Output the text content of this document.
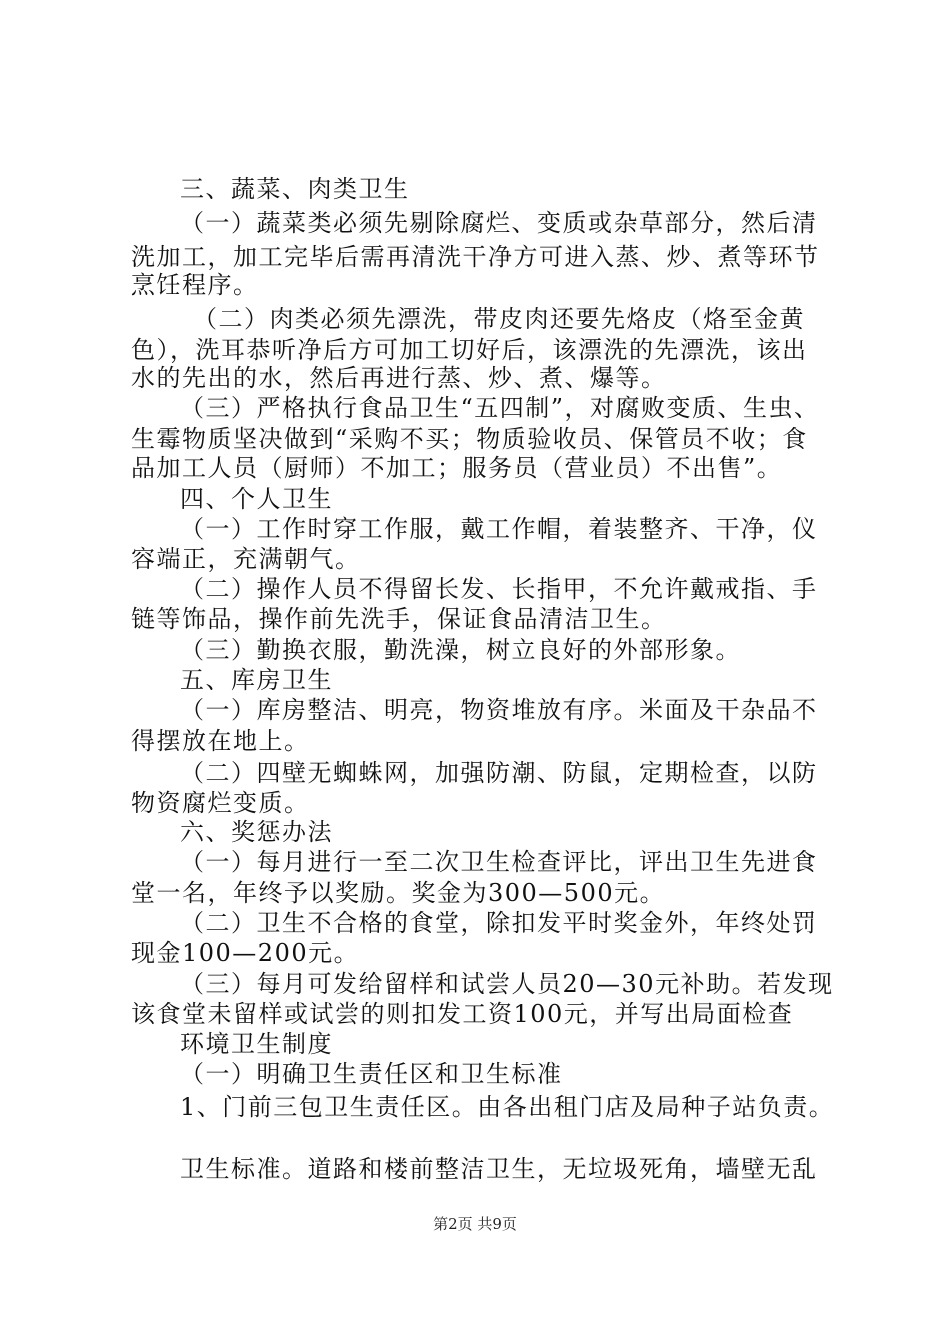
三、蔬菜、肉类卫生
（一）蔬菜类必须先剔除腐烂、变质或杂草部分，然后清
洗加工，加工完毕后需再清洗干净方可进入蒸、炒、煮等环节
烹饪程序。
（二）肉类必须先漂洗，带皮肉还要先烙皮（烙至金黄
色），洗耳恭听净后方可加工切好后，该漂洗的先漂洗，该出
水的先出的水，然后再进行蒸、炒、煮、爆等。
（三）严格执行食品卫生“五四制”，对腐败变质、生虫、
生霉物质坚决做到“采购不买；物质验收员、保管员不收；食
品加工人员（厨师）不加工；服务员（营业员）不出售”。
四、个人卫生
（一）工作时穿工作服，戴工作帽，着装整齐、干净，仪
容端正，充满朝气。
（二）操作人员不得留长发、长指甲，不允许戴戒指、手
链等饰品，操作前先洗手，保证食品清洁卫生。
（三）勤换衣服，勤洗澡，树立良好的外部形象。
五、库房卫生
（一）库房整洁、明亮，物资堆放有序。米面及干杂品不
得摆放在地上。
（二）四壁无蜘蛛网，加强防潮、防鼠，定期检查，以防
物资腐烂变质。
六、奖惩办法
（一）每月进行一至二次卫生检查评比，评出卫生先进食
堂一名，年终予以奖励。奖金为300—500元。
（二）卫生不合格的食堂，除扣发平时奖金外，年终处罚
现金100—200元。
（三）每月可发给留样和试尝人员20—30元补助。若发现
该食堂未留样或试尝的则扣发工资100元，并写出局面检查
环境卫生制度
（一）明确卫生责任区和卫生标准
1、门前三包卫生责任区。由各出租门店及局种子站负责。
卫生标准。道路和楼前整洁卫生，无垃圾死角，墙壁无乱
第2页 共9页
